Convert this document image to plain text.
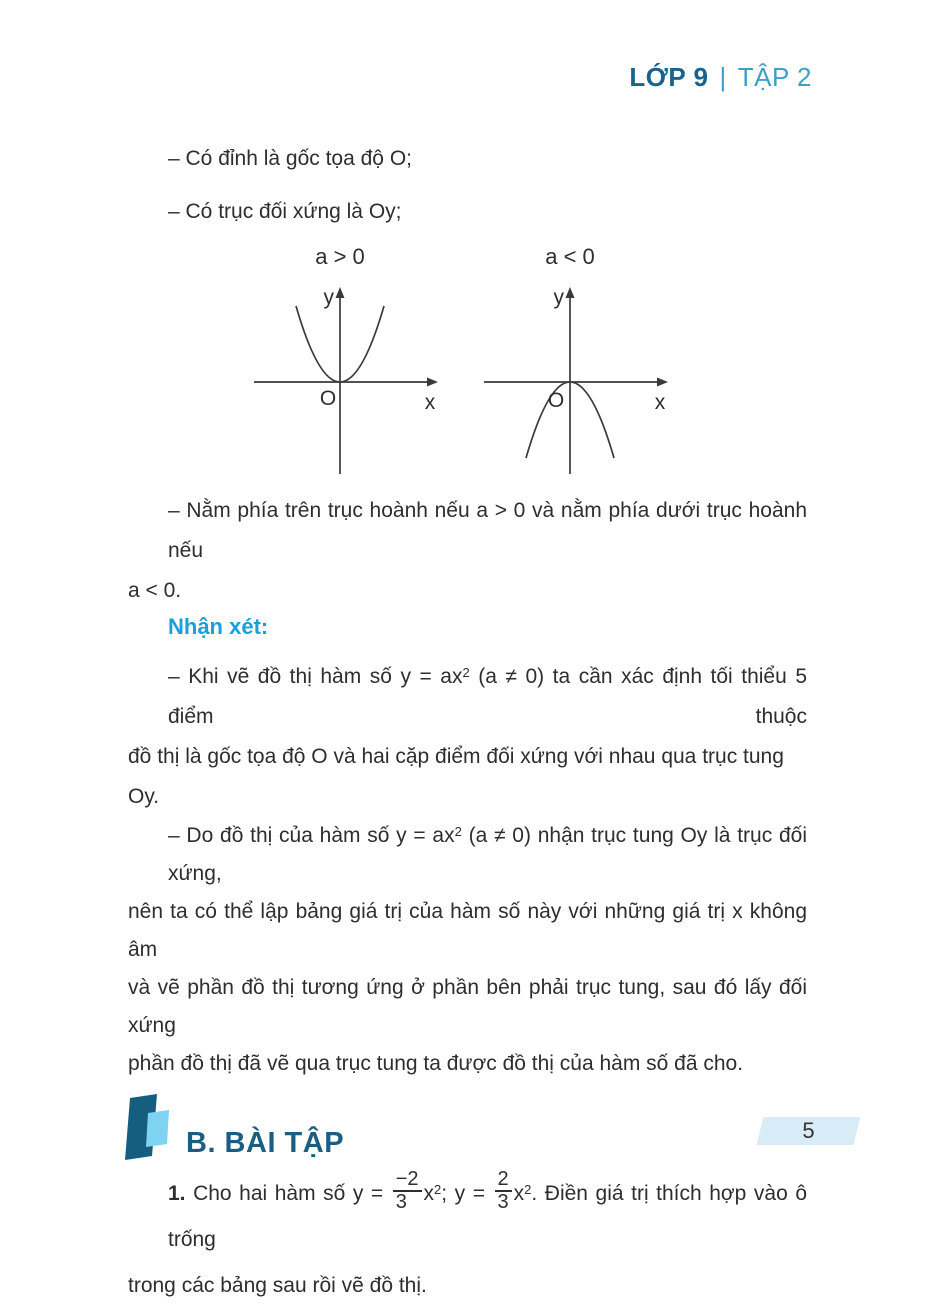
LỚP 9 | TẬP 2
– Có đỉnh là gốc tọa độ O;
– Có trục đối xứng là Oy;
a > 0
y
x
O
a < 0
y
x
O
– Nằm phía trên trục hoành nếu a > 0 và nằm phía dưới trục hoành nếu
a < 0.
Nhận xét:
– Khi vẽ đồ thị hàm số $y = ax^2$ (a ≠ 0) ta cần xác định tối thiểu 5 điểm thuộc
đồ thị là gốc tọa độ O và hai cặp điểm đối xứng với nhau qua trục tung Oy.
– Do đồ thị của hàm số $y = ax^2$ (a ≠ 0) nhận trục tung Oy là trục đối xứng,
nên ta có thể lập bảng giá trị của hàm số này với những giá trị x không âm
và vẽ phần đồ thị tương ứng ở phần bên phải trục tung, sau đó lấy đối xứng
phần đồ thị đã vẽ qua trục tung ta được đồ thị của hàm số đã cho.
B. BÀI TẬP
1. Cho hai hàm số $y = \frac{-2}{3} x^2$; $y = \frac{2}{3} x^2$. Điền giá trị thích hợp vào ô trống
trong các bảng sau rồi vẽ đồ thị.
5
